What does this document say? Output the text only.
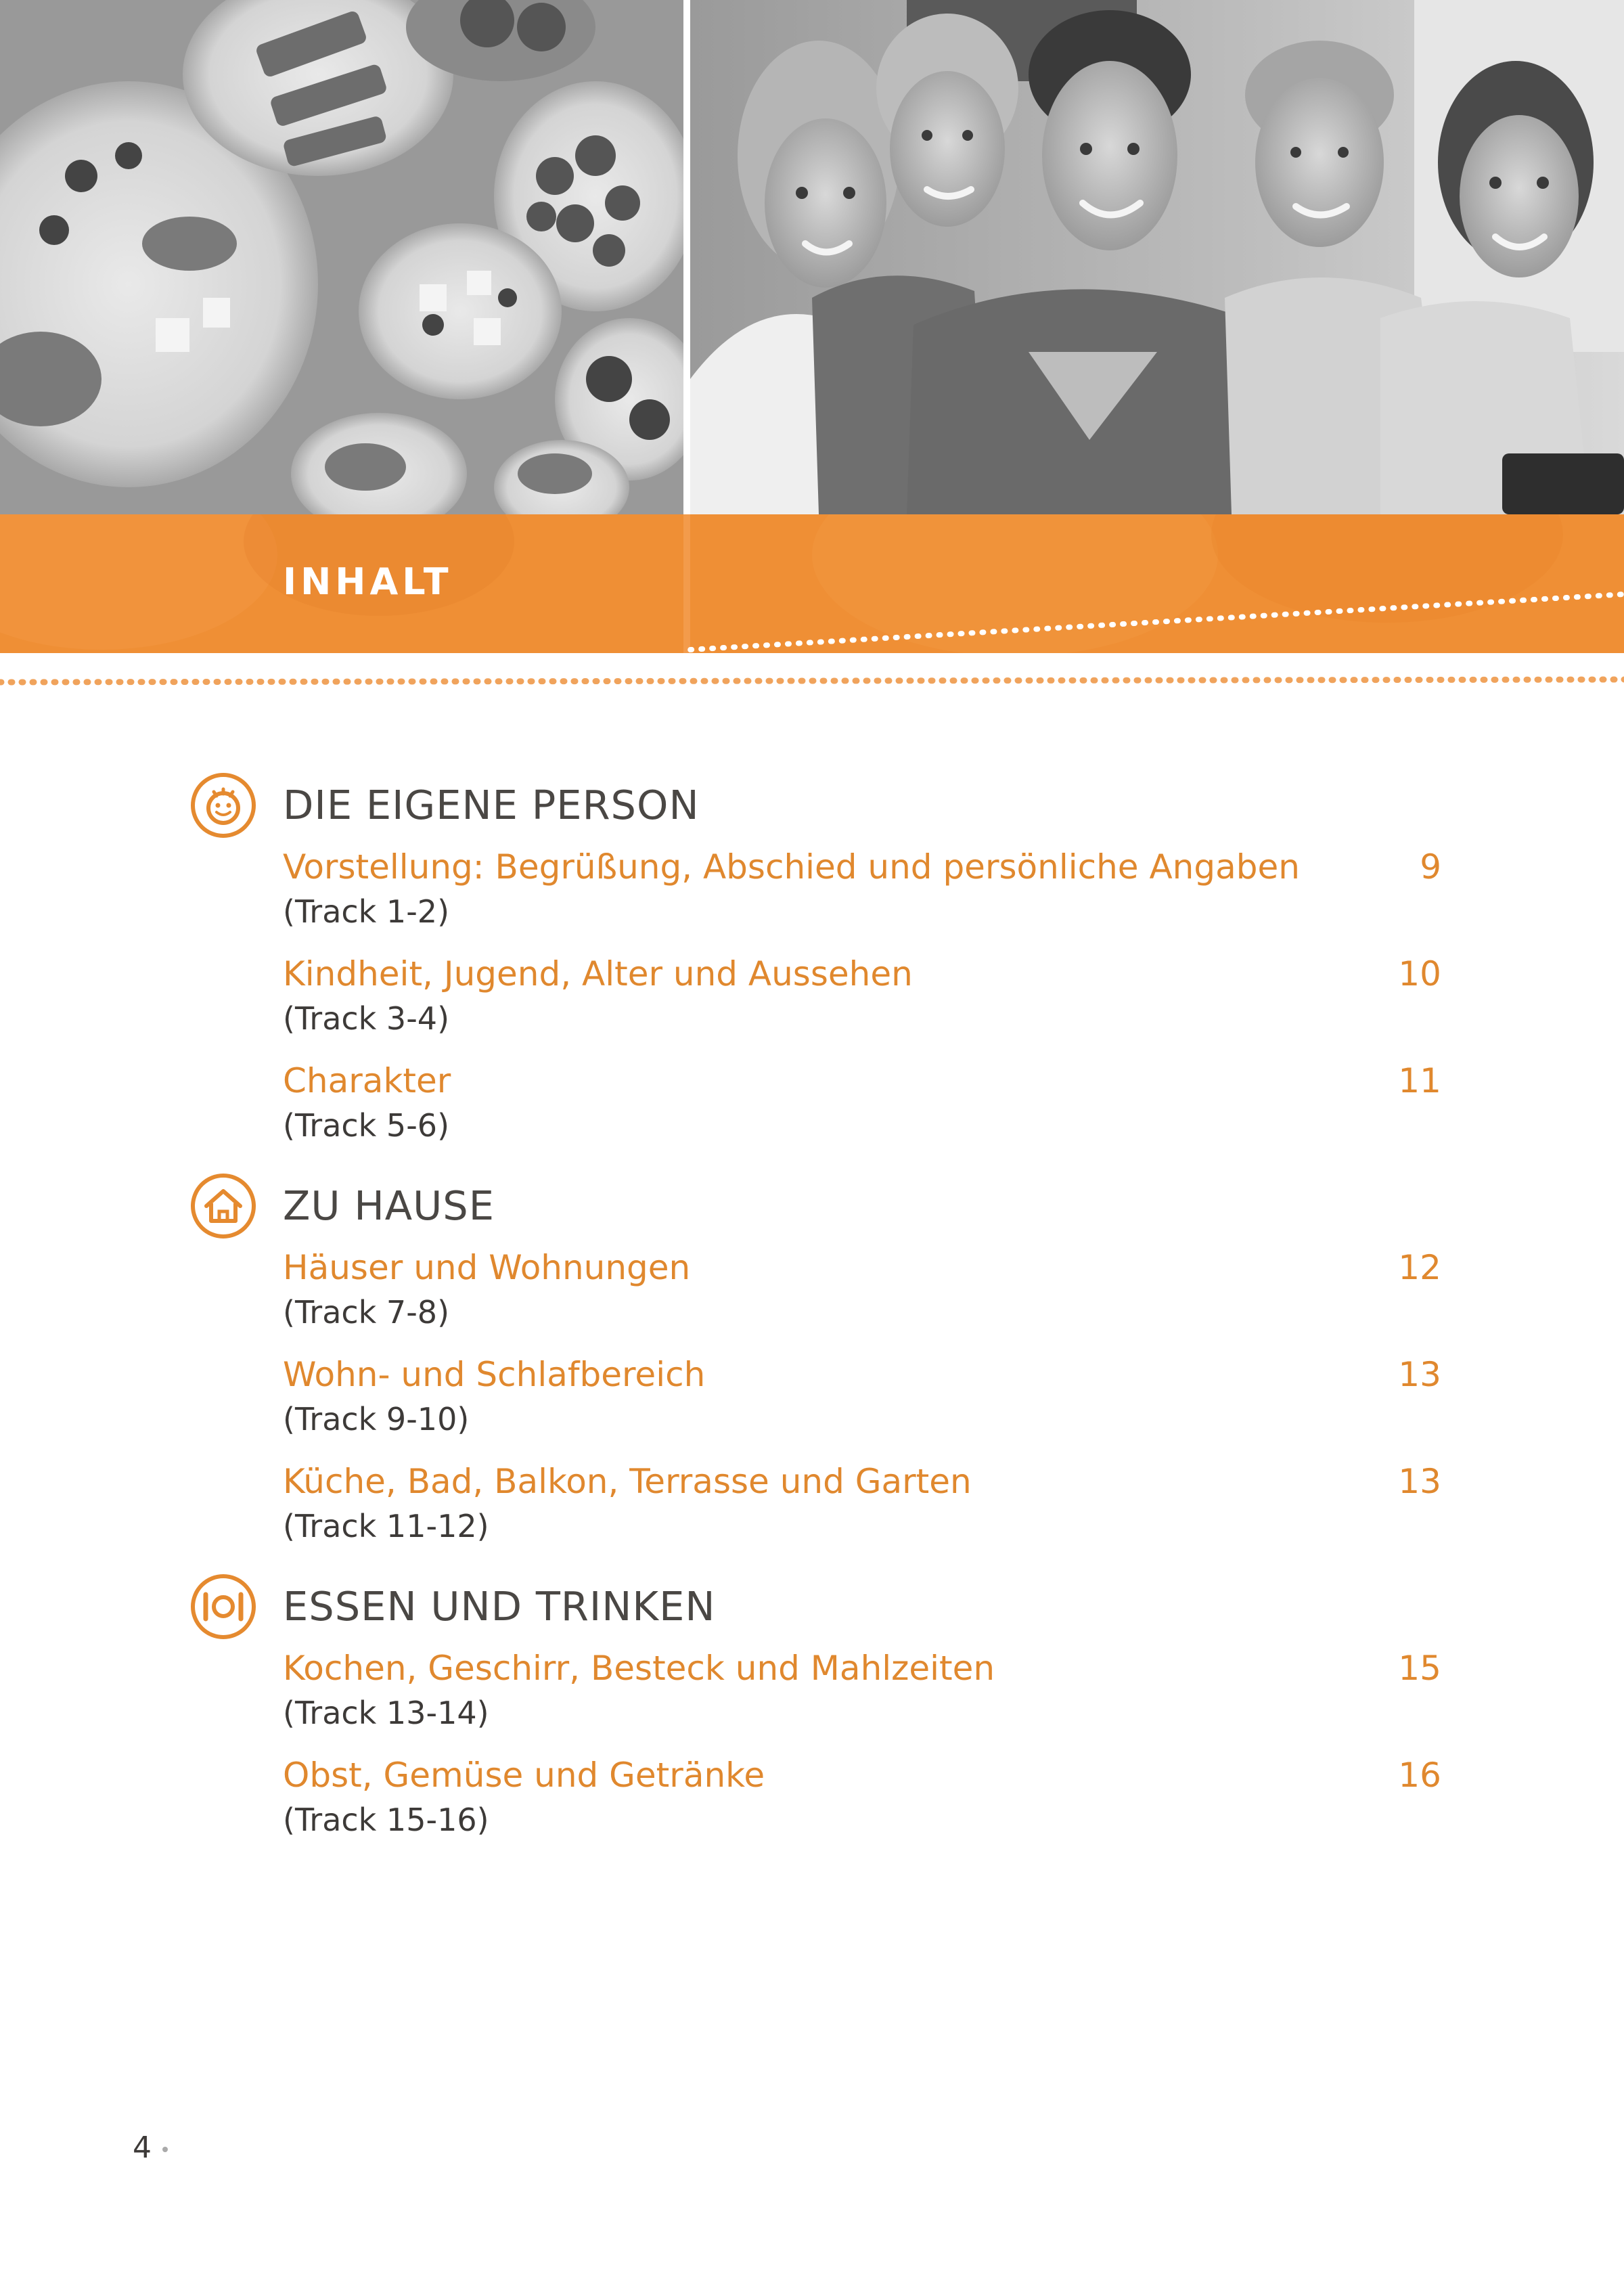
INHALT
DIE EIGENE PERSON
Vorstellung: Begrüßung, Abschied und persönliche Angaben	9
(Track 1-2)
Kindheit, Jugend, Alter und Aussehen	10
(Track 3-4)
Charakter	11
(Track 5-6)
ZU HAUSE
Häuser und Wohnungen	12
(Track 7-8)
Wohn- und Schlafbereich	13
(Track 9-10)
Küche, Bad, Balkon, Terrasse und Garten	13
(Track 11-12)
ESSEN UND TRINKEN
Kochen, Geschirr, Besteck und Mahlzeiten	15
(Track 13-14)
Obst, Gemüse und Getränke	16
(Track 15-16)
4
